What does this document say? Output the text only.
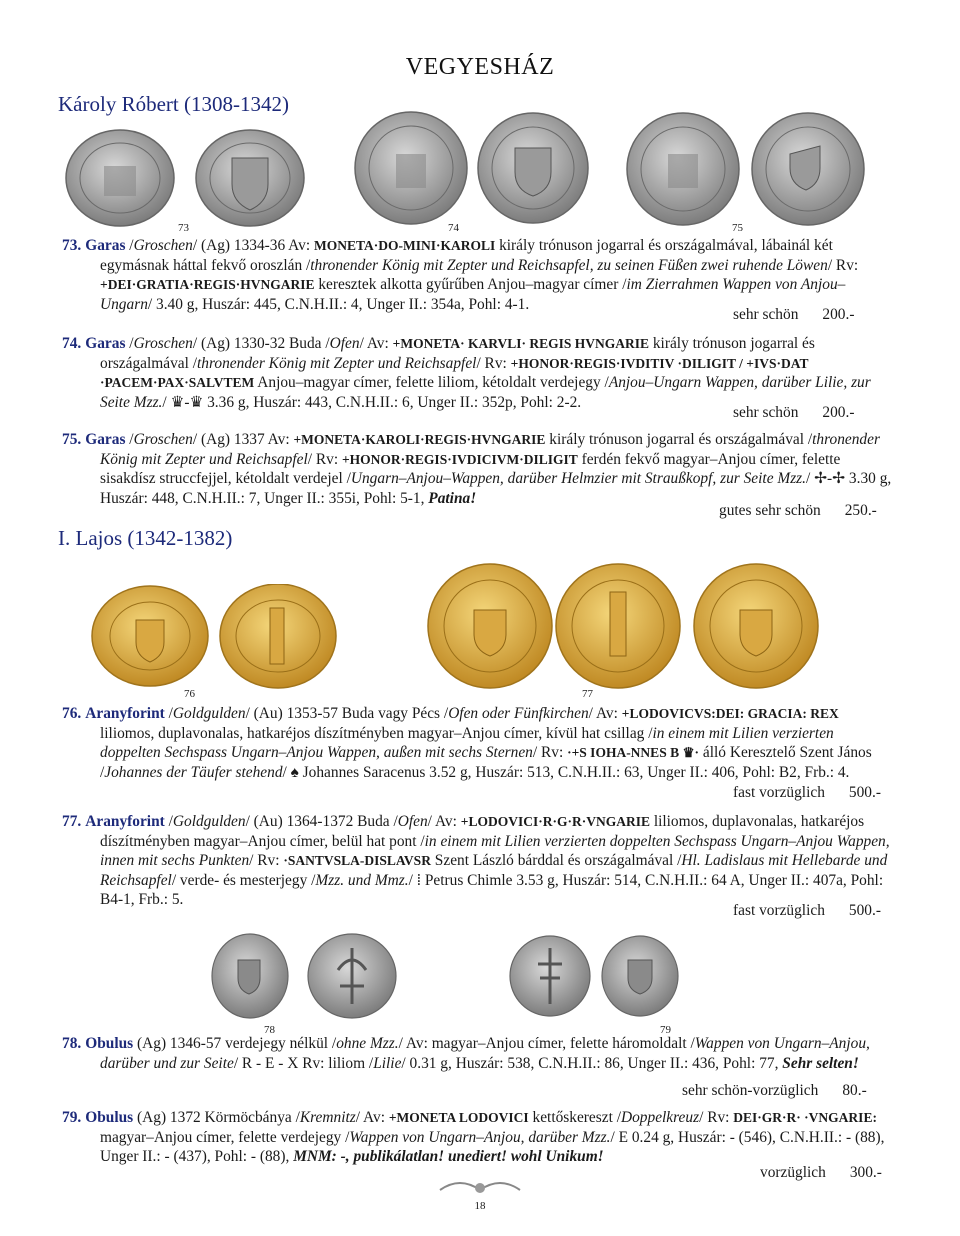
VEGYESHÁZ
Károly Róbert (1308-1342)
73	74	75

73. Garas /Groschen/ (Ag) 1334-36 Av: MONETA·DO-MINI·KAROLI király trónuson jogarral és országalmával, lábainál két egymásnak háttal fekvő oroszlán /thronender König mit Zepter und Reichsapfel, zu seinen Füßen zwei ruhende Löwen/ Rv: +DEI·GRATIA·REGIS·HVNGARIE keresztek alkotta gyűrűben Anjou–magyar címer /im Zierrahmen Wappen von Anjou–Ungarn/ 3.40 g, Huszár: 445, C.N.H.II.: 4, Unger II.: 354a, Pohl: 4-1.

sehr schön 200.-

74. Garas /Groschen/ (Ag) 1330-32 Buda /Ofen/ Av: +MONETA· KARVLI· REGIS HVNGARIE király trónuson jogarral és országalmával /thronender König mit Zepter und Reichsapfel/ Rv: +HONOR·REGIS·IVDITIV ·DILIGIT / +IVS·DAT ·PACEM·PAX·SALVTEM Anjou–magyar címer, felette liliom, kétoldalt verdejegy /Anjou–Ungarn Wappen, darüber Lilie, zur Seite Mzz./ ♛-♛ 3.36 g, Huszár: 443, C.N.H.II.: 6, Unger II.: 352p, Pohl: 2-2.

sehr schön 200.-

75. Garas /Groschen/ (Ag) 1337 Av: +MONETA·KAROLI·REGIS·HVNGARIE király trónuson jogarral és országalmával /thronender König mit Zepter und Reichsapfel/ Rv: +HONOR·REGIS·IVDICIVM·DILIGIT ferdén fekvő magyar–Anjou címer, felette sisakdísz struccfejjel, kétoldalt verdejel /Ungarn–Anjou–Wappen, darüber Helmzier mit Straußkopf, zur Seite Mzz./ ✢-✢ 3.30 g, Huszár: 448, C.N.H.II.: 7, Unger II.: 355i, Pohl: 5-1, Patina!

gutes sehr schön 250.-
I. Lajos (1342-1382)
76	77

76. Aranyforint /Goldgulden/ (Au) 1353-57 Buda vagy Pécs /Ofen oder Fünfkirchen/ Av: +LODOVICVS:DEI: GRACIA: REX liliomos, duplavonalas, hatkaréjos díszítményben magyar–Anjou címer, kívül hat csillag /in einem mit Lilien verzierten doppelten Sechspass Ungarn–Anjou Wappen, außen mit sechs Sternen/ Rv: ·+S IOHA-NNES B ♛· álló Keresztelő Szent János /Johannes der Täufer stehend/ ♠ Johannes Saracenus 3.52 g, Huszár: 513, C.N.H.II.: 63, Unger II.: 406, Pohl: B2, Frb.: 4.

fast vorzüglich 500.-

77. Aranyforint /Goldgulden/ (Au) 1364-1372 Buda /Ofen/ Av: +LODOVICI·R·G·R·VNGARIE liliomos, duplavonalas, hatkaréjos díszítményben magyar–Anjou címer, belül hat pont /in einem mit Lilien verzierten doppelten Sechspass Ungarn–Anjou Wappen, innen mit sechs Punkten/ Rv: ·SANTVSLA-DISLAVSR Szent László bárddal és országalmával /Hl. Ladislaus mit Hellebarde und Reichsapfel/ verde- és mesterjegy /Mzz. und Mmz./ ⁞ Petrus Chimle 3.53 g, Huszár: 514, C.N.H.II.: 64 A, Unger II.: 407a, Pohl: B4-1, Frb.: 5.

fast vorzüglich 500.-
78	79

78. Obulus (Ag) 1346-57 verdejegy nélkül /ohne Mzz./ Av: magyar–Anjou címer, felette háromoldalt /Wappen von Ungarn–Anjou, darüber und zur Seite/ R - E - X Rv: liliom /Lilie/ 0.31 g, Huszár: 538, C.N.H.II.: 86, Unger II.: 436, Pohl: 77, Sehr selten!

sehr schön-vorzüglich 80.-

79. Obulus (Ag) 1372 Körmöcbánya /Kremnitz/ Av: +MONETA LODOVICI kettőskereszt /Doppelkreuz/ Rv: DEI·GR·R· ·VNGARIE: magyar–Anjou címer, felette verdejegy /Wappen von Ungarn–Anjou, darüber Mzz./ E 0.24 g, Huszár: - (546), C.N.H.II.: - (88), Unger II.: - (437), Pohl: - (88), MNM: -, publikálatlan! unediert! wohl Unikum!

vorzüglich 300.-
18
